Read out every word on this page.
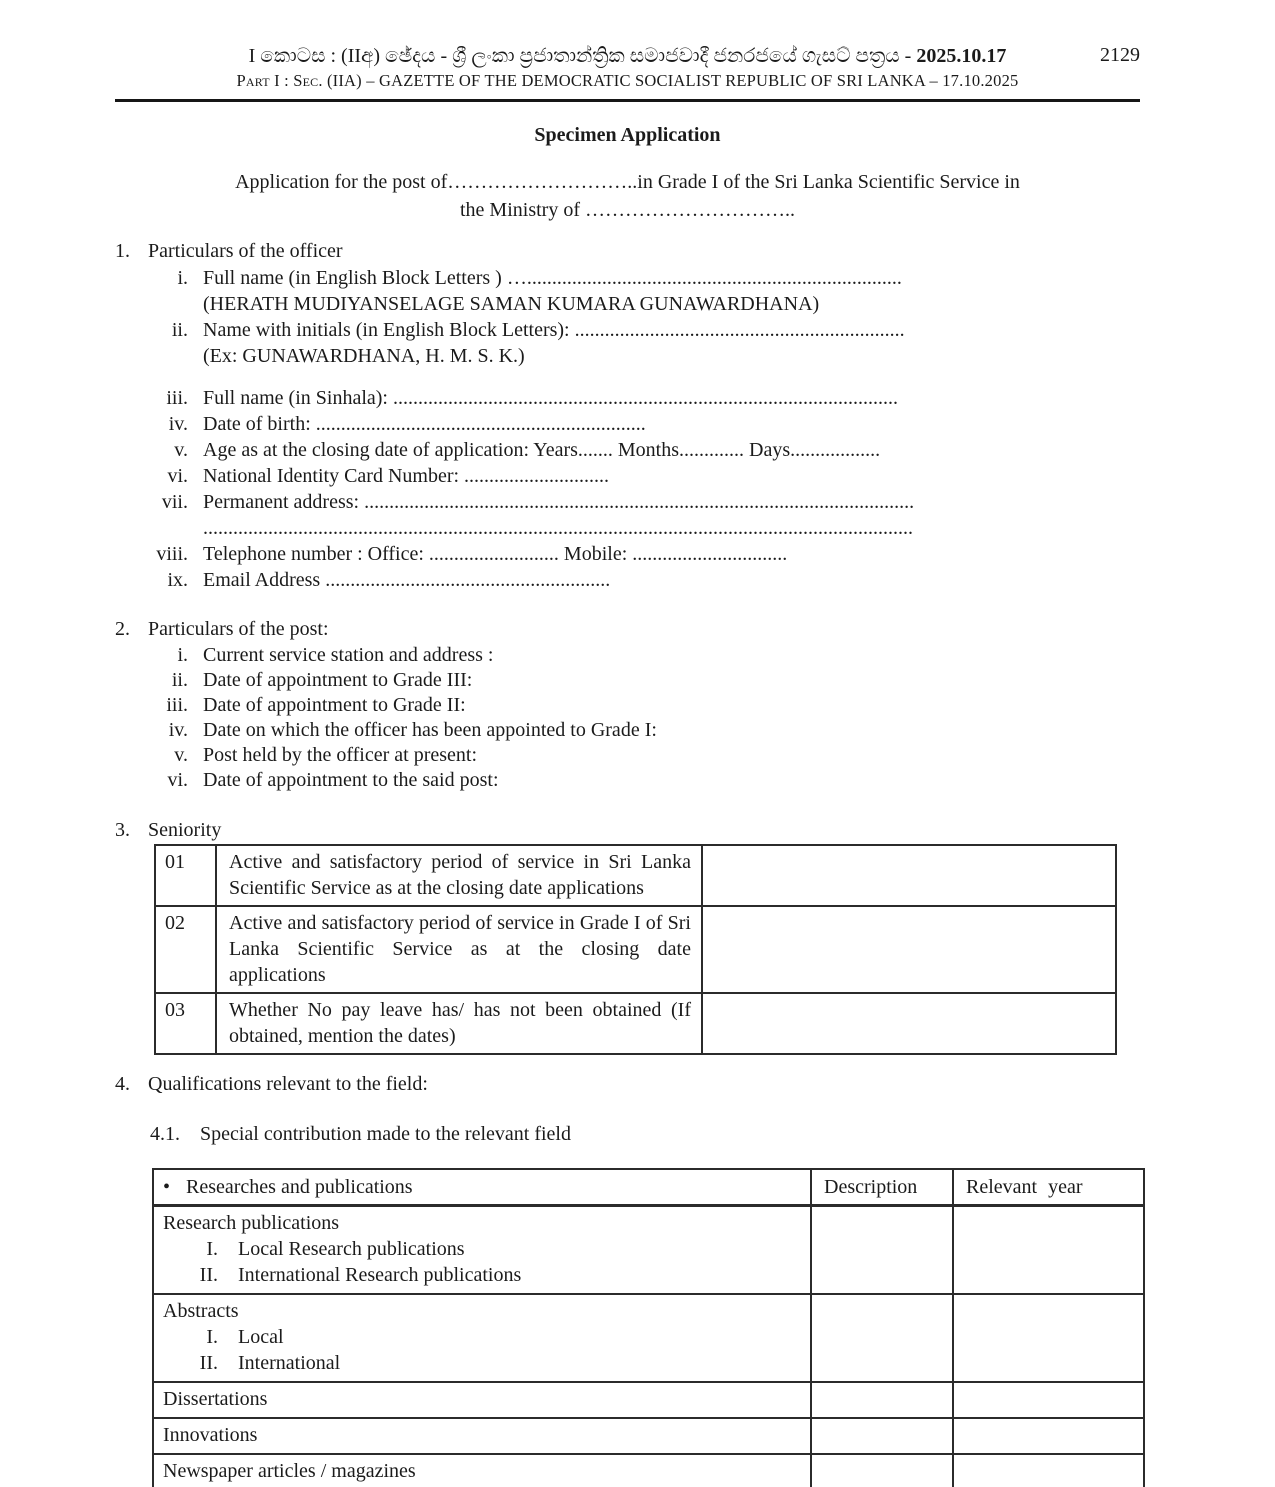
2129
I කොටස : (IIඅ) ඡේදය - ශ්‍රී ලංකා ප්‍රජාතාන්ත්‍රික සමාජවාදී ජනරජයේ ගැසට් පත්‍රය - 2025.10.17
Part I : Sec. (IIA) – GAZETTE OF THE DEMOCRATIC SOCIALIST REPUBLIC OF SRI LANKA – 17.10.2025
Specimen Application
Application for the post of………………………..in Grade I of the Sri Lanka Scientific Service in
the Ministry of …………………………..
1. Particulars of the officer
i. Full name (in English Block Letters ) …...........................................................................
(HERATH MUDIYANSELAGE SAMAN KUMARA GUNAWARDHANA)
ii. Name with initials (in English Block Letters): ..................................................................
(Ex: GUNAWARDHANA, H. M. S. K.)
iii. Full name (in Sinhala): .....................................................................................................
iv. Date of birth: ..................................................................
v. Age as at the closing date of application: Years....... Months............. Days..................
vi. National Identity Card Number: .............................
vii. Permanent address: ..............................................................................................................
..............................................................................................................................................
viii. Telephone number : Office: .......................... Mobile: ...............................
ix. Email Address .........................................................
2. Particulars of the post:
i. Current service station and address :
ii. Date of appointment to Grade III:
iii. Date of appointment to Grade II:
iv. Date on which the officer has been appointed to Grade I:
v. Post held by the officer at present:
vi. Date of appointment to the said post:
3. Seniority
01	Active and satisfactory period of service in Sri Lanka Scientific Service as at the closing date applications	
02	Active and satisfactory period of service in Grade I of Sri Lanka Scientific Service as at the closing date applications	
03	Whether No pay leave has/ has not been obtained (If obtained, mention the dates)	
4. Qualifications relevant to the field:
4.1.	Special contribution made to the relevant field
• Researches and publications	Description	Relevant year

Research publications
I. Local Research publications
II. International Research publications		

Abstracts
I. Local
II. International		

Dissertations		

Innovations		

Newspaper articles / magazines		
